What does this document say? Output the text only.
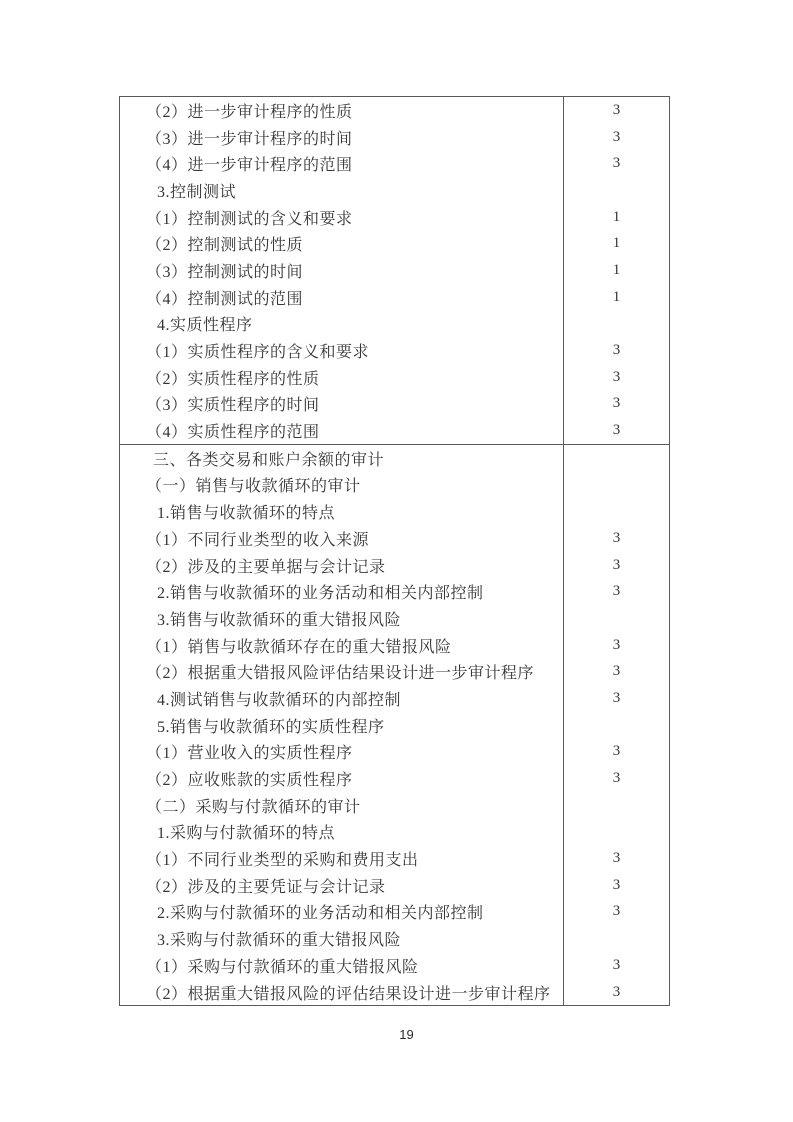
（2）进一步审计程序的性质	3
（3）进一步审计程序的时间	3
（4）进一步审计程序的范围	3
3.控制测试
（1）控制测试的含义和要求	1
（2）控制测试的性质	1
（3）控制测试的时间	1
（4）控制测试的范围	1
4.实质性程序
（1）实质性程序的含义和要求	3
（2）实质性程序的性质	3
（3）实质性程序的时间	3
（4）实质性程序的范围	3
三、各类交易和账户余额的审计
（一）销售与收款循环的审计
1.销售与收款循环的特点
（1）不同行业类型的收入来源	3
（2）涉及的主要单据与会计记录	3
2.销售与收款循环的业务活动和相关内部控制	3
3.销售与收款循环的重大错报风险
（1）销售与收款循环存在的重大错报风险	3
（2）根据重大错报风险评估结果设计进一步审计程序	3
4.测试销售与收款循环的内部控制	3
5.销售与收款循环的实质性程序
（1）营业收入的实质性程序	3
（2）应收账款的实质性程序	3
（二）采购与付款循环的审计
1.采购与付款循环的特点
（1）不同行业类型的采购和费用支出	3
（2）涉及的主要凭证与会计记录	3
2.采购与付款循环的业务活动和相关内部控制	3
3.采购与付款循环的重大错报风险
（1）采购与付款循环的重大错报风险	3
（2）根据重大错报风险的评估结果设计进一步审计程序	3
19
